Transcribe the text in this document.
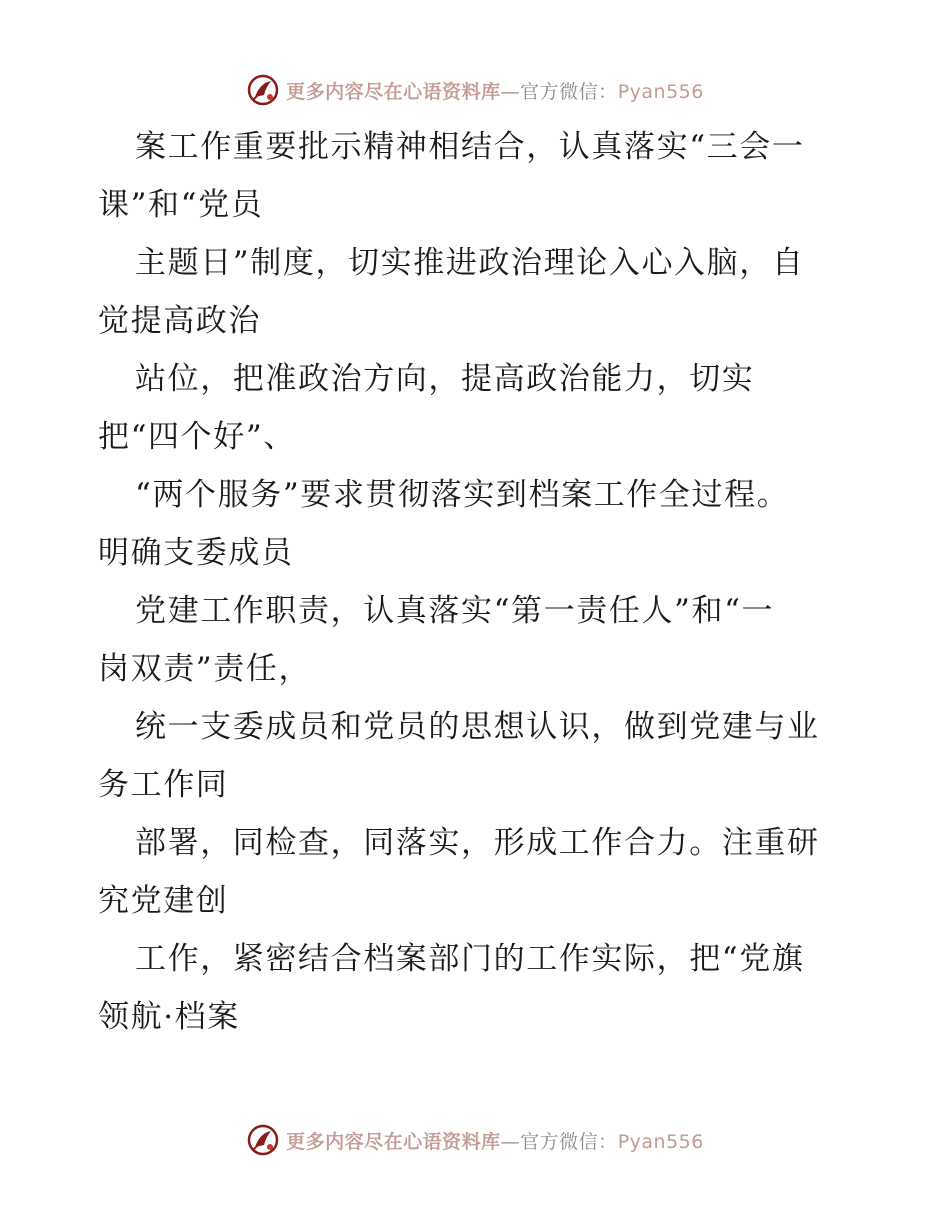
更多内容尽在心语资料库—官方微信：Pyan556
案工作重要批示精神相结合，认真落实“三会一
课”和“党员
主题日”制度，切实推进政治理论入心入脑，自
觉提高政治
站位，把准政治方向，提高政治能力，切实
把“四个好”、
“两个服务”要求贯彻落实到档案工作全过程。
明确支委成员
党建工作职责，认真落实“第一责任人”和“一
岗双责”责任，
统一支委成员和党员的思想认识，做到党建与业
务工作同
部署，同检查，同落实，形成工作合力。注重研
究党建创
工作，紧密结合档案部门的工作实际，把“党旗
领航·档案
更多内容尽在心语资料库—官方微信：Pyan556
